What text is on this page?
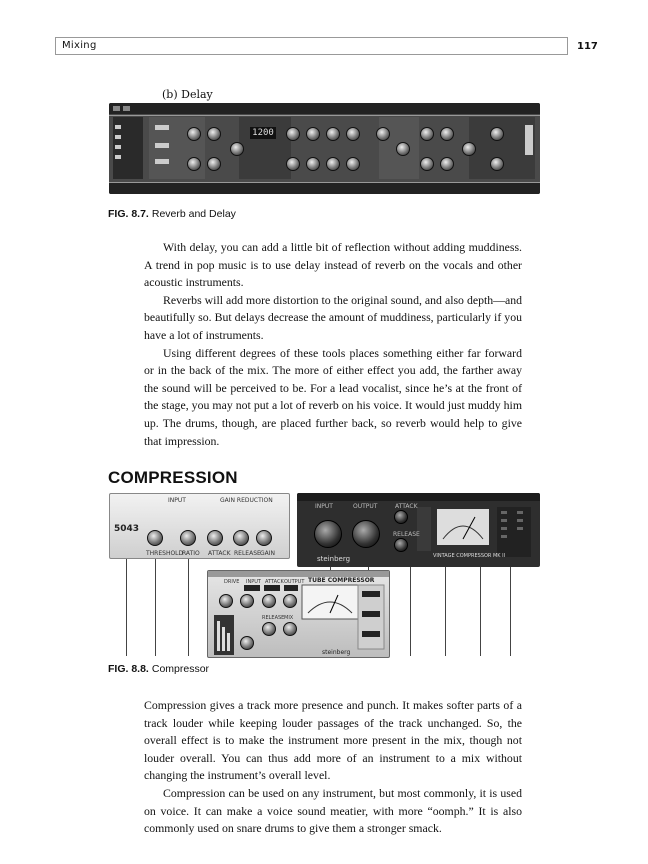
Mixing	117
(b) Delay
1200
FIG. 8.7. Reverb and Delay

With delay, you can add a little bit of reflection without adding muddiness. A trend in pop music is to use delay instead of reverb on the vocals and other acoustic instruments.

Reverbs will add more distortion to the original sound, and also depth—and beautifully so. But delays decrease the amount of muddiness, particularly if you have a lot of instruments.

Using different degrees of these tools places something either far forward or in the back of the mix. The more of either effect you add, the farther away the sound will be perceived to be. For a lead vocalist, since he’s at the front of the stage, you may not put a lot of reverb on his voice. It would just muddy him up. The drums, though, are placed further back, so reverb would help to give that impression.

COMPRESSION
5043
INPUT	GAIN REDUCTION
THRESHOLD
RATIO ATTACK RELEASE GAIN
INPUT	OUTPUT	ATTACK
RELEASE
steinberg	VINTAGE COMPRESSOR MK II
DRIVE INPUT ATTACK OUTPUT
RELEASE MIX
TUBE COMPRESSOR
steinberg
FIG. 8.8. Compressor

Compression gives a track more presence and punch. It makes softer parts of a track louder while keeping louder passages of the track unchanged. So, the overall effect is to make the instrument more present in the mix, though not louder overall. You can thus add more of an instrument to a mix without changing the instrument’s overall level.

Compression can be used on any instrument, but most commonly, it is used on voice. It can make a voice sound meatier, with more “oomph.” It is also commonly used on snare drums to give them a stronger smack.
